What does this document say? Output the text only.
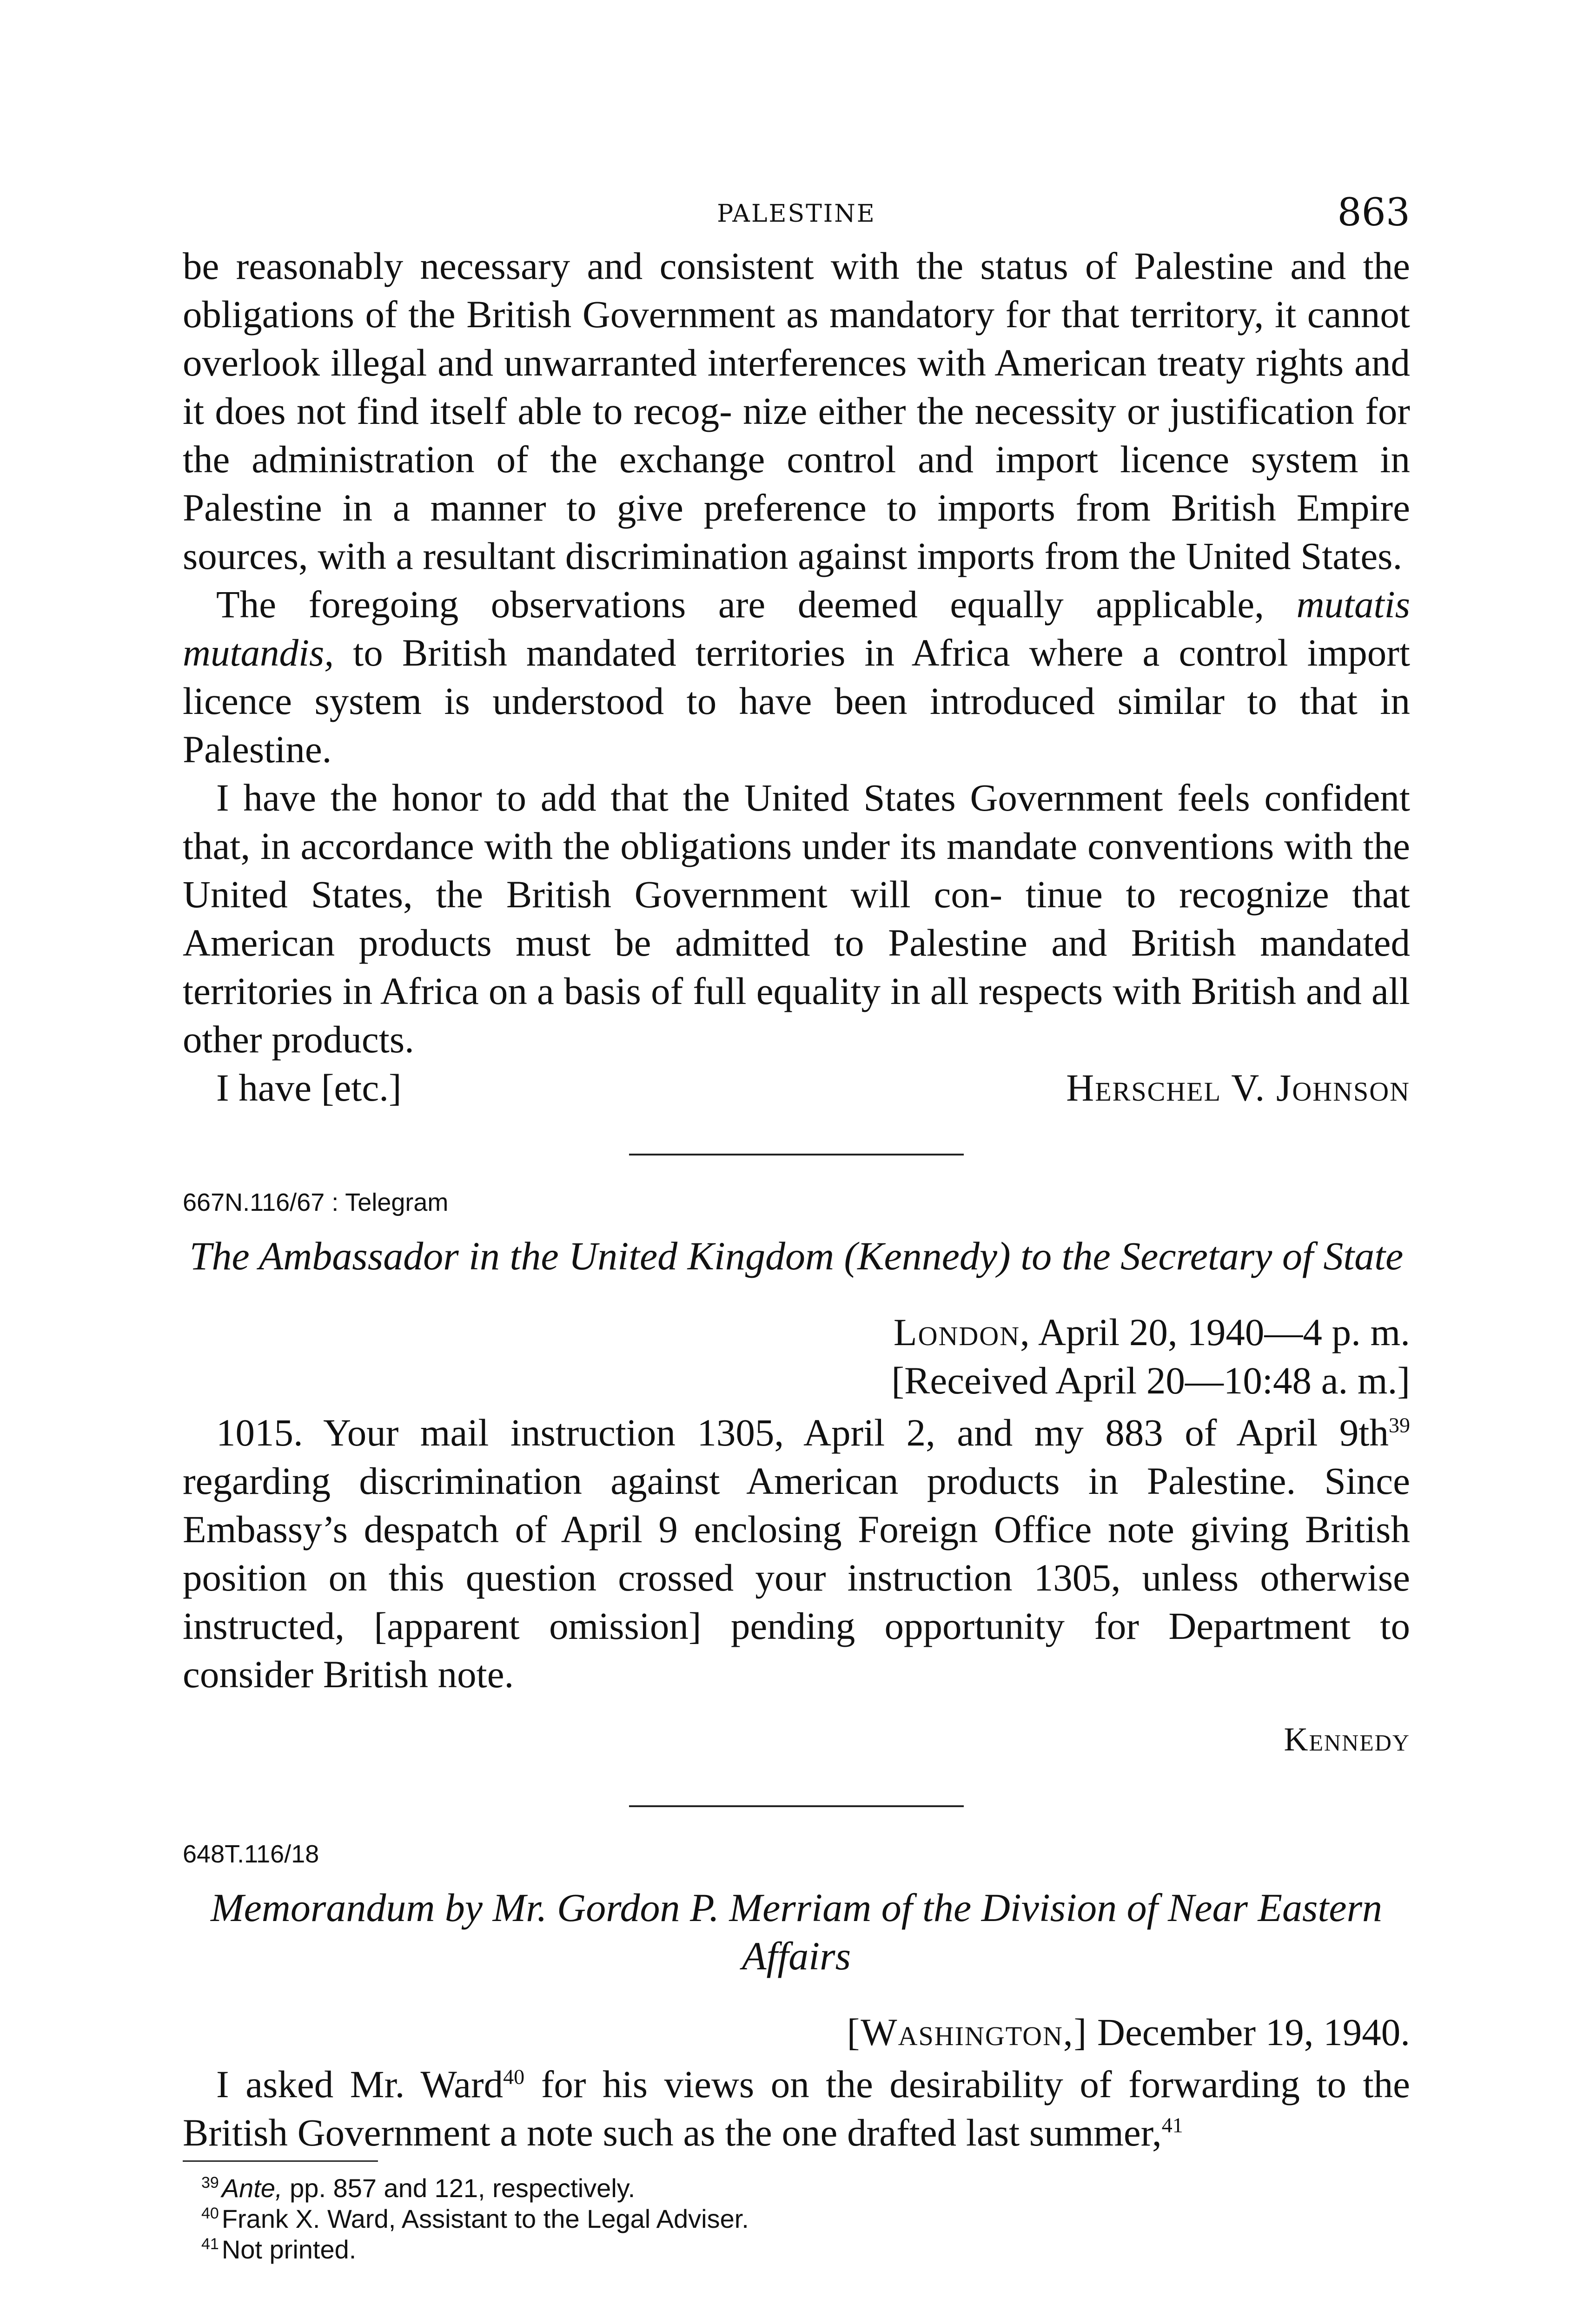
PALESTINE	863

be reasonably necessary and consistent with the status of Palestine and the obligations of the British Government as mandatory for that territory, it cannot overlook illegal and unwarranted interferences with American treaty rights and it does not find itself able to recog- nize either the necessity or justification for the administration of the exchange control and import licence system in Palestine in a manner to give preference to imports from British Empire sources, with a resultant discrimination against imports from the United States.

The foregoing observations are deemed equally applicable, mutatis mutandis, to British mandated territories in Africa where a control import licence system is understood to have been introduced similar to that in Palestine.

I have the honor to add that the United States Government feels confident that, in accordance with the obligations under its mandate conventions with the United States, the British Government will con- tinue to recognize that American products must be admitted to Palestine and British mandated territories in Africa on a basis of full equality in all respects with British and all other products.

I have [etc.]	Herschel V. Johnson

667N.116/67 : Telegram

The Ambassador in the United Kingdom (Kennedy) to the Secretary of State

London, April 20, 1940—4 p. m.
[Received April 20—10:48 a. m.]

1015. Your mail instruction 1305, April 2, and my 883 of April 9th$^{39}$ regarding discrimination against American products in Palestine. Since Embassy’s despatch of April 9 enclosing Foreign Office note giving British position on this question crossed your instruction 1305, unless otherwise instructed, [apparent omission] pending opportunity for Department to consider British note.

Kennedy

648T.116/18

Memorandum by Mr. Gordon P. Merriam of the Division of Near Eastern Affairs

[Washington,] December 19, 1940.

I asked Mr. Ward$^{40}$ for his views on the desirability of forwarding to the British Government a note such as the one drafted last summer,$^{41}$

$^{39}$ Ante, pp. 857 and 121, respectively.
$^{40}$ Frank X. Ward, Assistant to the Legal Adviser.
$^{41}$ Not printed.
